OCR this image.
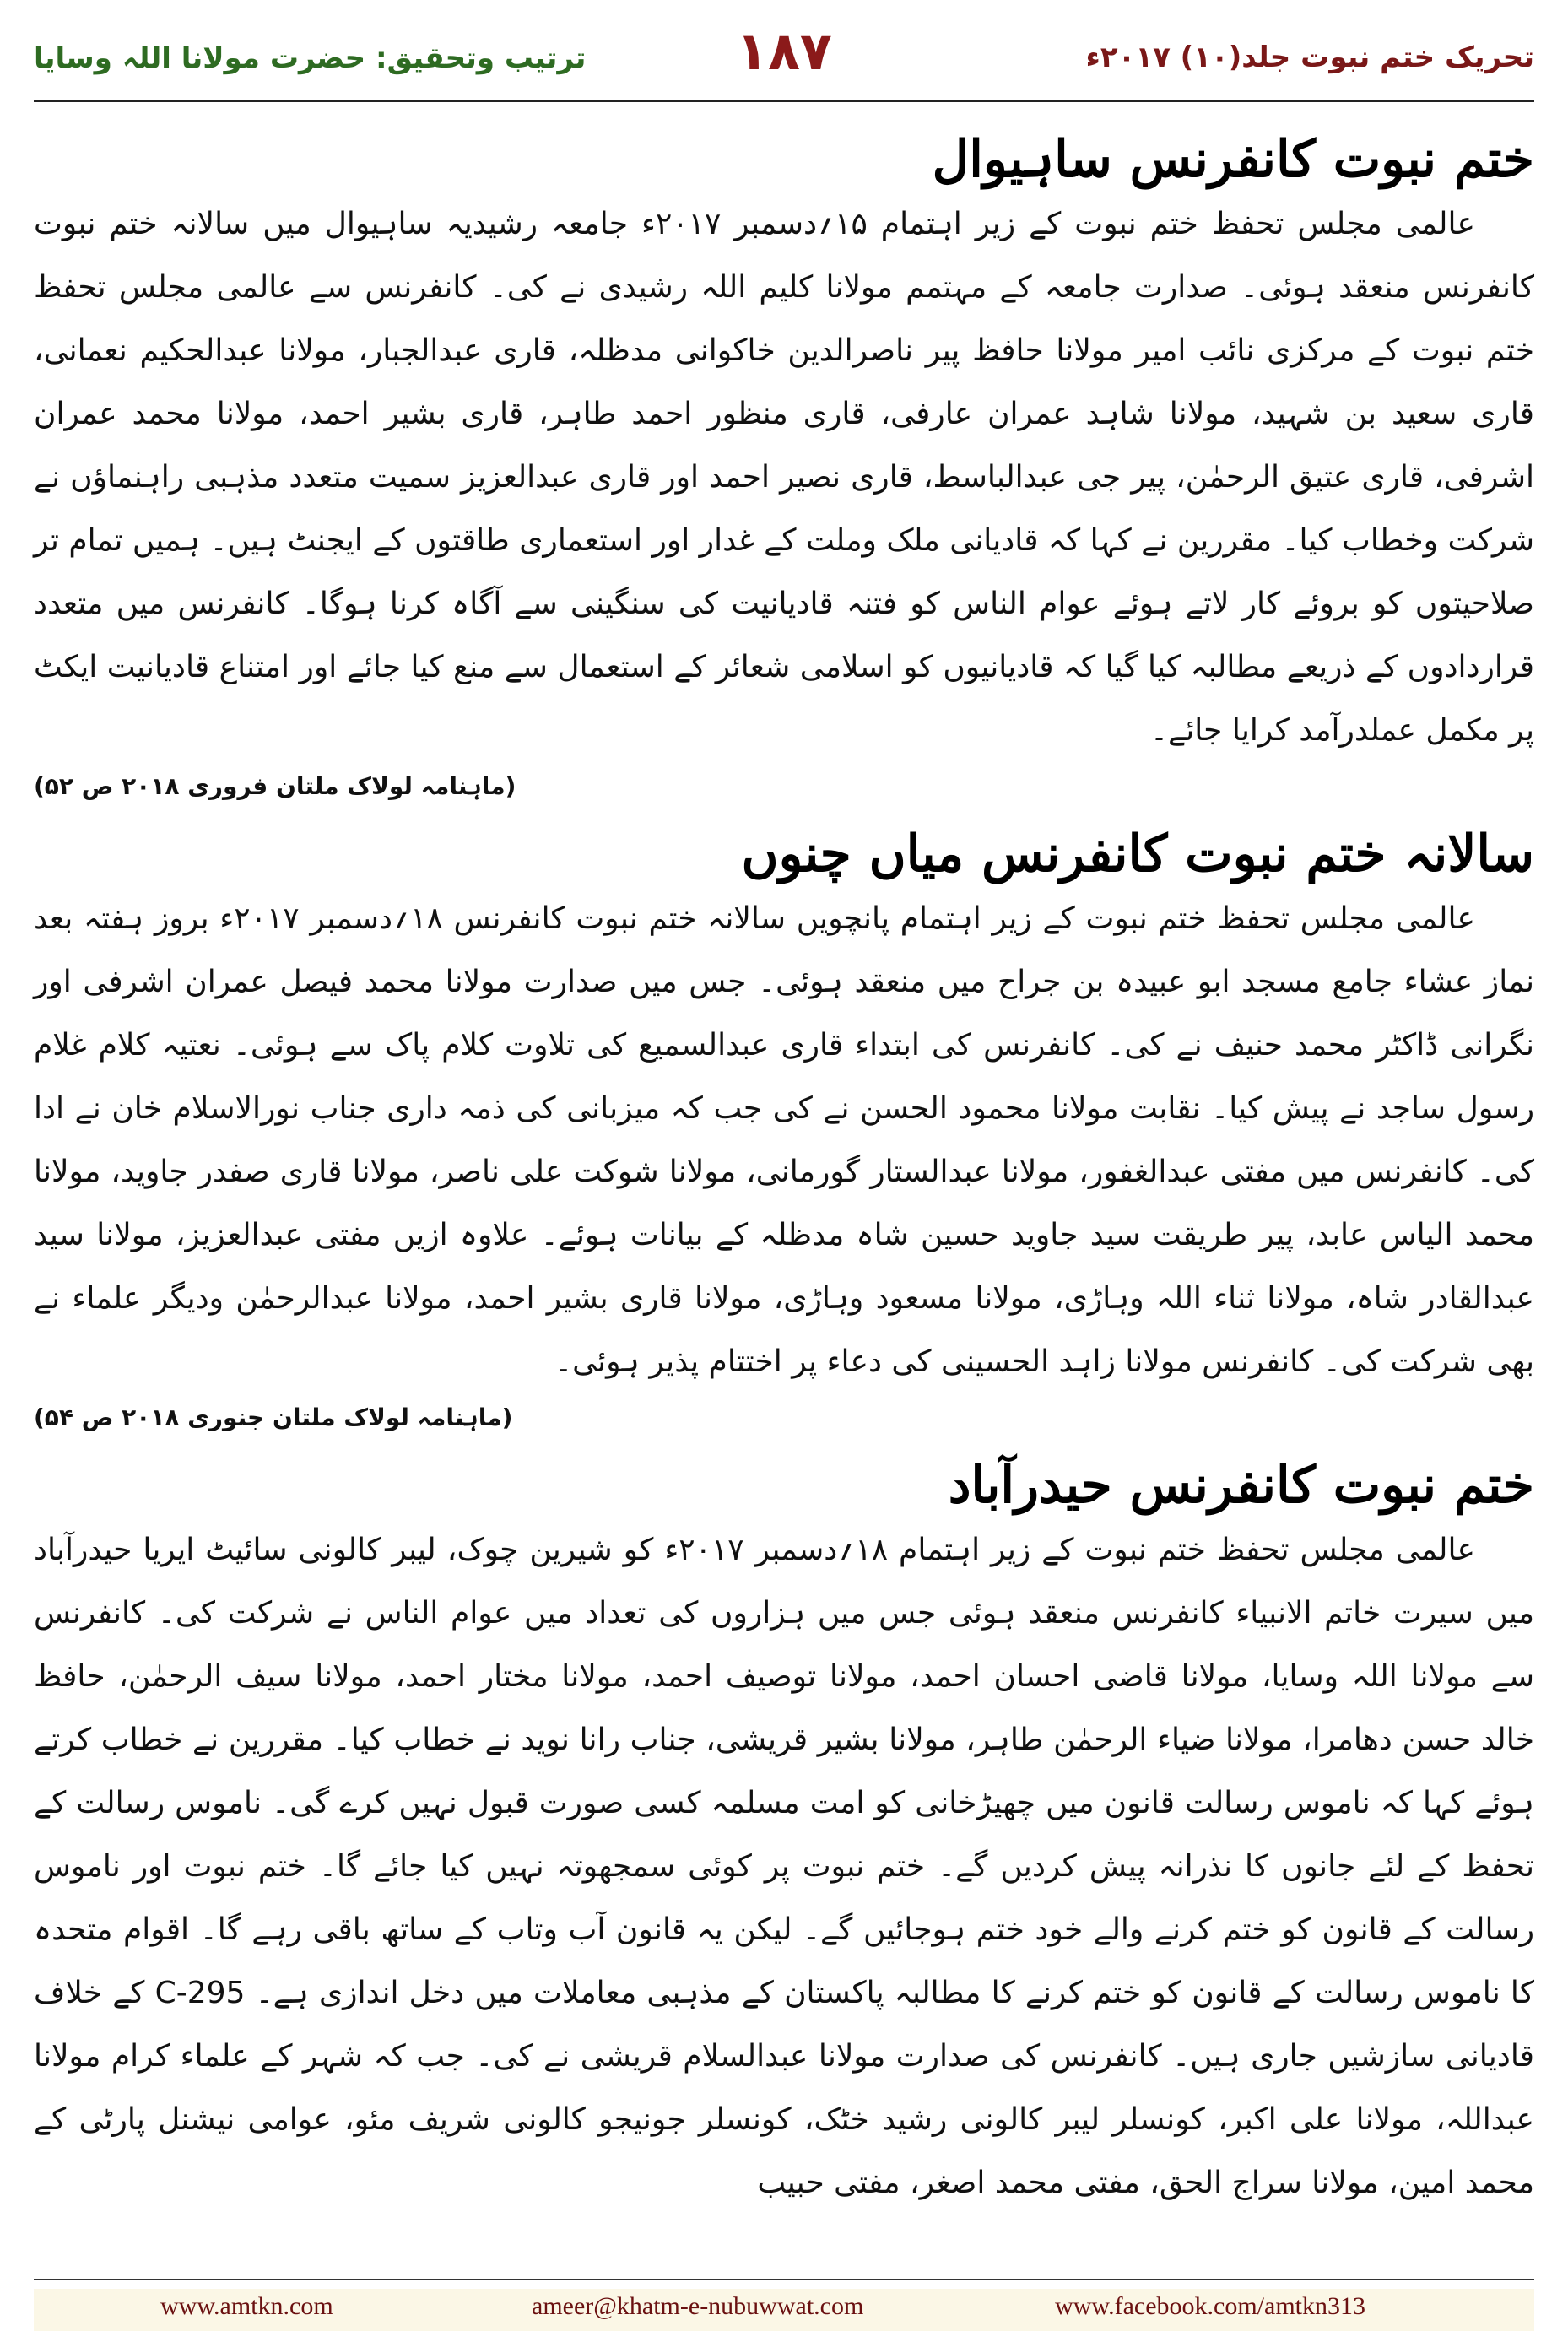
ترتیب وتحقیق: حضرت مولانا اللہ وسایا	۱۸۷	تحریک ختم نبوت جلد(۱۰) ۲۰۱۷ء
ختم نبوت کانفرنس ساہیوال

عالمی مجلس تحفظ ختم نبوت کے زیر اہتمام ۱۵؍دسمبر ۲۰۱۷ء جامعہ رشیدیہ ساہیوال میں سالانہ ختم نبوت کانفرنس منعقد ہوئی۔ صدارت جامعہ کے مہتمم مولانا کلیم اللہ رشیدی نے کی۔ کانفرنس سے عالمی مجلس تحفظ ختم نبوت کے مرکزی نائب امیر مولانا حافظ پیر ناصرالدین خاکوانی مدظلہ، قاری عبدالجبار، مولانا عبدالحکیم نعمانی، قاری سعید بن شہید، مولانا شاہد عمران عارفی، قاری منظور احمد طاہر، قاری بشیر احمد، مولانا محمد عمران اشرفی، قاری عتیق الرحمٰن، پیر جی عبدالباسط، قاری نصیر احمد اور قاری عبدالعزیز سمیت متعدد مذہبی راہنماؤں نے شرکت وخطاب کیا۔ مقررین نے کہا کہ قادیانی ملک وملت کے غدار اور استعماری طاقتوں کے ایجنٹ ہیں۔ ہمیں تمام تر صلاحیتوں کو بروئے کار لاتے ہوئے عوام الناس کو فتنہ قادیانیت کی سنگینی سے آگاہ کرنا ہوگا۔ کانفرنس میں متعدد قراردادوں کے ذریعے مطالبہ کیا گیا کہ قادیانیوں کو اسلامی شعائر کے استعمال سے منع کیا جائے اور امتناع قادیانیت ایکٹ پر مکمل عملدرآمد کرایا جائے۔

(ماہنامہ لولاک ملتان فروری ۲۰۱۸ ص ۵۲)
سالانہ ختم نبوت کانفرنس میاں چنوں

عالمی مجلس تحفظ ختم نبوت کے زیر اہتمام پانچویں سالانہ ختم نبوت کانفرنس ۱۸؍دسمبر ۲۰۱۷ء بروز ہفتہ بعد نماز عشاء جامع مسجد ابو عبیدہ بن جراح میں منعقد ہوئی۔ جس میں صدارت مولانا محمد فیصل عمران اشرفی اور نگرانی ڈاکٹر محمد حنیف نے کی۔ کانفرنس کی ابتداء قاری عبدالسمیع کی تلاوت کلام پاک سے ہوئی۔ نعتیہ کلام غلام رسول ساجد نے پیش کیا۔ نقابت مولانا محمود الحسن نے کی جب کہ میزبانی کی ذمہ داری جناب نورالاسلام خان نے ادا کی۔ کانفرنس میں مفتی عبدالغفور، مولانا عبدالستار گورمانی، مولانا شوکت علی ناصر، مولانا قاری صفدر جاوید، مولانا محمد الیاس عابد، پیر طریقت سید جاوید حسین شاہ مدظلہ کے بیانات ہوئے۔ علاوہ ازیں مفتی عبدالعزیز، مولانا سید عبدالقادر شاہ، مولانا ثناء اللہ وہاڑی، مولانا مسعود وہاڑی، مولانا قاری بشیر احمد، مولانا عبدالرحمٰن ودیگر علماء نے بھی شرکت کی۔ کانفرنس مولانا زاہد الحسینی کی دعاء پر اختتام پذیر ہوئی۔

(ماہنامہ لولاک ملتان جنوری ۲۰۱۸ ص ۵۴)
ختم نبوت کانفرنس حیدرآباد

عالمی مجلس تحفظ ختم نبوت کے زیر اہتمام ۱۸؍دسمبر ۲۰۱۷ء کو شیرین چوک، لیبر کالونی سائیٹ ایریا حیدرآباد میں سیرت خاتم الانبیاء کانفرنس منعقد ہوئی جس میں ہزاروں کی تعداد میں عوام الناس نے شرکت کی۔ کانفرنس سے مولانا اللہ وسایا، مولانا قاضی احسان احمد، مولانا توصیف احمد، مولانا مختار احمد، مولانا سیف الرحمٰن، حافظ خالد حسن دھامرا، مولانا ضیاء الرحمٰن طاہر، مولانا بشیر قریشی، جناب رانا نوید نے خطاب کیا۔ مقررین نے خطاب کرتے ہوئے کہا کہ ناموس رسالت قانون میں چھیڑخانی کو امت مسلمہ کسی صورت قبول نہیں کرے گی۔ ناموس رسالت کے تحفظ کے لئے جانوں کا نذرانہ پیش کردیں گے۔ ختم نبوت پر کوئی سمجھوتہ نہیں کیا جائے گا۔ ختم نبوت اور ناموس رسالت کے قانون کو ختم کرنے والے خود ختم ہوجائیں گے۔ لیکن یہ قانون آب وتاب کے ساتھ باقی رہے گا۔ اقوام متحدہ کا ناموس رسالت کے قانون کو ختم کرنے کا مطالبہ پاکستان کے مذہبی معاملات میں دخل اندازی ہے۔ 295-C کے خلاف قادیانی سازشیں جاری ہیں۔ کانفرنس کی صدارت مولانا عبدالسلام قریشی نے کی۔ جب کہ شہر کے علماء کرام مولانا عبداللہ، مولانا علی اکبر، کونسلر لیبر کالونی رشید خٹک، کونسلر جونیجو کالونی شریف مئو، عوامی نیشنل پارٹی کے محمد امین، مولانا سراج الحق، مفتی محمد اصغر، مفتی حبیب

www.amtkn.com	ameer@khatm-e-nubuwwat.com	www.facebook.com/amtkn313
